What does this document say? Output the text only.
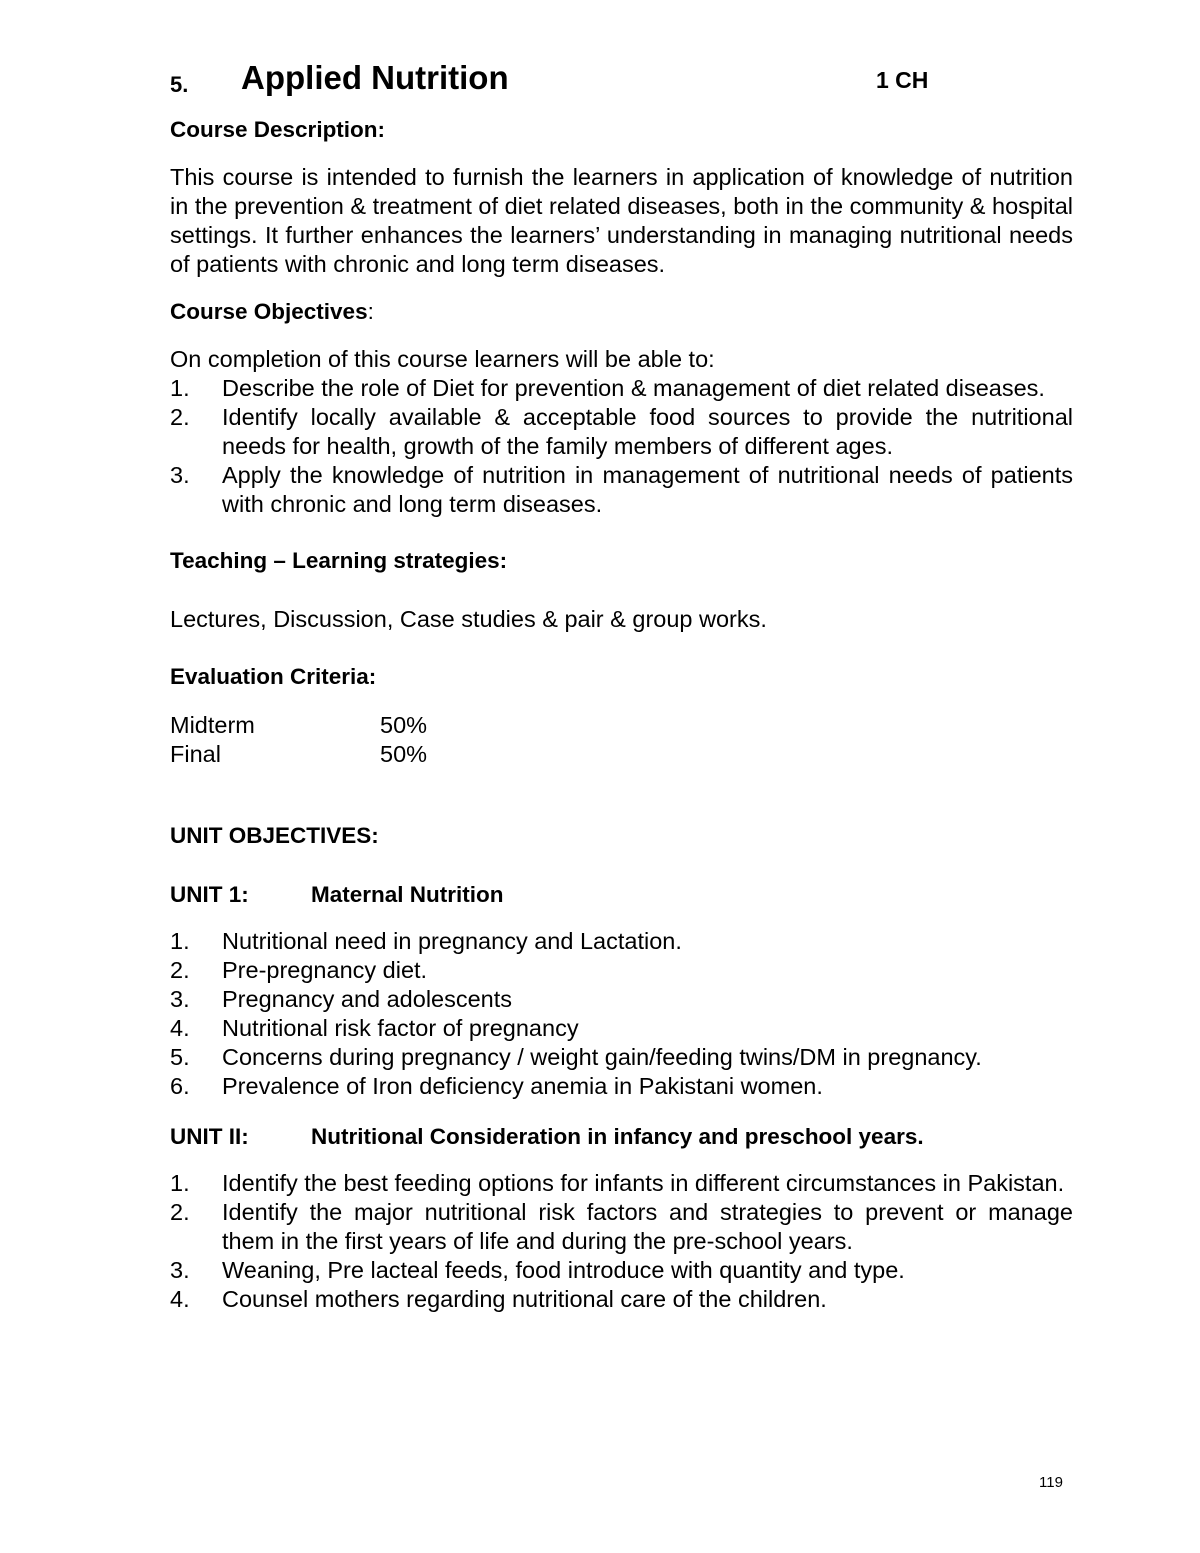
5. Applied Nutrition	1 CH

Course Description:

This course is intended to furnish the learners in application of knowledge of nutrition in the prevention & treatment of diet related diseases, both in the community & hospital settings. It further enhances the learners’ understanding in managing nutritional needs of patients with chronic and long term diseases.

Course Objectives:

On completion of this course learners will be able to:

1.	Describe the role of Diet for prevention & management of diet related diseases.
2.	Identify locally available & acceptable food sources to provide the nutritional needs for health, growth of the family members of different ages.
3.	Apply the knowledge of nutrition in management of nutritional needs of patients with chronic and long term diseases.

Teaching – Learning strategies:

Lectures, Discussion, Case studies & pair & group works.

Evaluation Criteria:

Midterm	50%
Final	50%

UNIT OBJECTIVES:

UNIT 1:	Maternal Nutrition
1.	Nutritional need in pregnancy and Lactation.
2.	Pre-pregnancy diet.
3.	Pregnancy and adolescents
4.	Nutritional risk factor of pregnancy
5.	Concerns during pregnancy / weight gain/feeding twins/DM in pregnancy.
6.	Prevalence of Iron deficiency anemia in Pakistani women.
UNIT II:	Nutritional Consideration in infancy and preschool years.
1.	Identify the best feeding options for infants in different circumstances in Pakistan.
2.	Identify the major nutritional risk factors and strategies to prevent or manage them in the first years of life and during the pre-school years.
3.	Weaning, Pre lacteal feeds, food introduce with quantity and type.
4.	Counsel mothers regarding nutritional care of the children.
119
